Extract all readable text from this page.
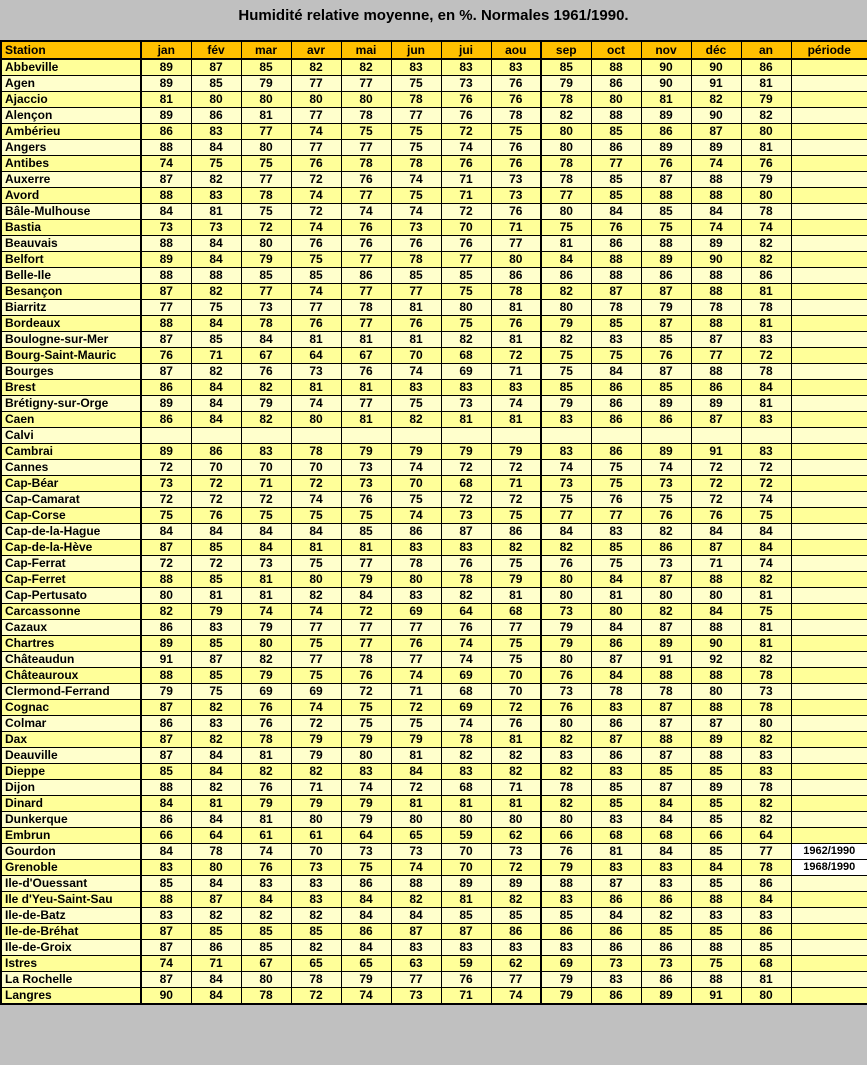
Humidité relative moyenne, en %. Normales 1961/1990.
Station	jan	fév	mar	avr	mai	jun	jui	aou	sep	oct	nov	déc	an	période
Abbeville	89	87	85	82	82	83	83	83	85	88	90	90	86	
Agen	89	85	79	77	77	75	73	76	79	86	90	91	81	
Ajaccio	81	80	80	80	80	78	76	76	78	80	81	82	79	
Alençon	89	86	81	77	78	77	76	78	82	88	89	90	82	
Ambérieu	86	83	77	74	75	75	72	75	80	85	86	87	80	
Angers	88	84	80	77	77	75	74	76	80	86	89	89	81	
Antibes	74	75	75	76	78	78	76	76	78	77	76	74	76	
Auxerre	87	82	77	72	76	74	71	73	78	85	87	88	79	
Avord	88	83	78	74	77	75	71	73	77	85	88	88	80	
Bâle-Mulhouse	84	81	75	72	74	74	72	76	80	84	85	84	78	
Bastia	73	73	72	74	76	73	70	71	75	76	75	74	74	
Beauvais	88	84	80	76	76	76	76	77	81	86	88	89	82	
Belfort	89	84	79	75	77	78	77	80	84	88	89	90	82	
Belle-Ile	88	88	85	85	86	85	85	86	86	88	86	88	86	
Besançon	87	82	77	74	77	77	75	78	82	87	87	88	81	
Biarritz	77	75	73	77	78	81	80	81	80	78	79	78	78	
Bordeaux	88	84	78	76	77	76	75	76	79	85	87	88	81	
Boulogne-sur-Mer	87	85	84	81	81	81	82	81	82	83	85	87	83	
Bourg-Saint-Mauric	76	71	67	64	67	70	68	72	75	75	76	77	72	
Bourges	87	82	76	73	76	74	69	71	75	84	87	88	78	
Brest	86	84	82	81	81	83	83	83	85	86	85	86	84	
Brétigny-sur-Orge	89	84	79	74	77	75	73	74	79	86	89	89	81	
Caen	86	84	82	80	81	82	81	81	83	86	86	87	83	
Calvi														
Cambrai	89	86	83	78	79	79	79	79	83	86	89	91	83	
Cannes	72	70	70	70	73	74	72	72	74	75	74	72	72	
Cap-Béar	73	72	71	72	73	70	68	71	73	75	73	72	72	
Cap-Camarat	72	72	72	74	76	75	72	72	75	76	75	72	74	
Cap-Corse	75	76	75	75	75	74	73	75	77	77	76	76	75	
Cap-de-la-Hague	84	84	84	84	85	86	87	86	84	83	82	84	84	
Cap-de-la-Hève	87	85	84	81	81	83	83	82	82	85	86	87	84	
Cap-Ferrat	72	72	73	75	77	78	76	75	76	75	73	71	74	
Cap-Ferret	88	85	81	80	79	80	78	79	80	84	87	88	82	
Cap-Pertusato	80	81	81	82	84	83	82	81	80	81	80	80	81	
Carcassonne	82	79	74	74	72	69	64	68	73	80	82	84	75	
Cazaux	86	83	79	77	77	77	76	77	79	84	87	88	81	
Chartres	89	85	80	75	77	76	74	75	79	86	89	90	81	
Châteaudun	91	87	82	77	78	77	74	75	80	87	91	92	82	
Châteauroux	88	85	79	75	76	74	69	70	76	84	88	88	78	
Clermond-Ferrand	79	75	69	69	72	71	68	70	73	78	78	80	73	
Cognac	87	82	76	74	75	72	69	72	76	83	87	88	78	
Colmar	86	83	76	72	75	75	74	76	80	86	87	87	80	
Dax	87	82	78	79	79	79	78	81	82	87	88	89	82	
Deauville	87	84	81	79	80	81	82	82	83	86	87	88	83	
Dieppe	85	84	82	82	83	84	83	82	82	83	85	85	83	
Dijon	88	82	76	71	74	72	68	71	78	85	87	89	78	
Dinard	84	81	79	79	79	81	81	81	82	85	84	85	82	
Dunkerque	86	84	81	80	79	80	80	80	80	83	84	85	82	
Embrun	66	64	61	61	64	65	59	62	66	68	68	66	64	
Gourdon	84	78	74	70	73	73	70	73	76	81	84	85	77	1962/1990
Grenoble	83	80	76	73	75	74	70	72	79	83	83	84	78	1968/1990
Ile-d'Ouessant	85	84	83	83	86	88	89	89	88	87	83	85	86	
Ile d'Yeu-Saint-Sau	88	87	84	83	84	82	81	82	83	86	86	88	84	
Ile-de-Batz	83	82	82	82	84	84	85	85	85	84	82	83	83	
Ile-de-Bréhat	87	85	85	85	86	87	87	86	86	86	85	85	86	
Ile-de-Groix	87	86	85	82	84	83	83	83	83	86	86	88	85	
Istres	74	71	67	65	65	63	59	62	69	73	73	75	68	
La Rochelle	87	84	80	78	79	77	76	77	79	83	86	88	81	
Langres	90	84	78	72	74	73	71	74	79	86	89	91	80	
